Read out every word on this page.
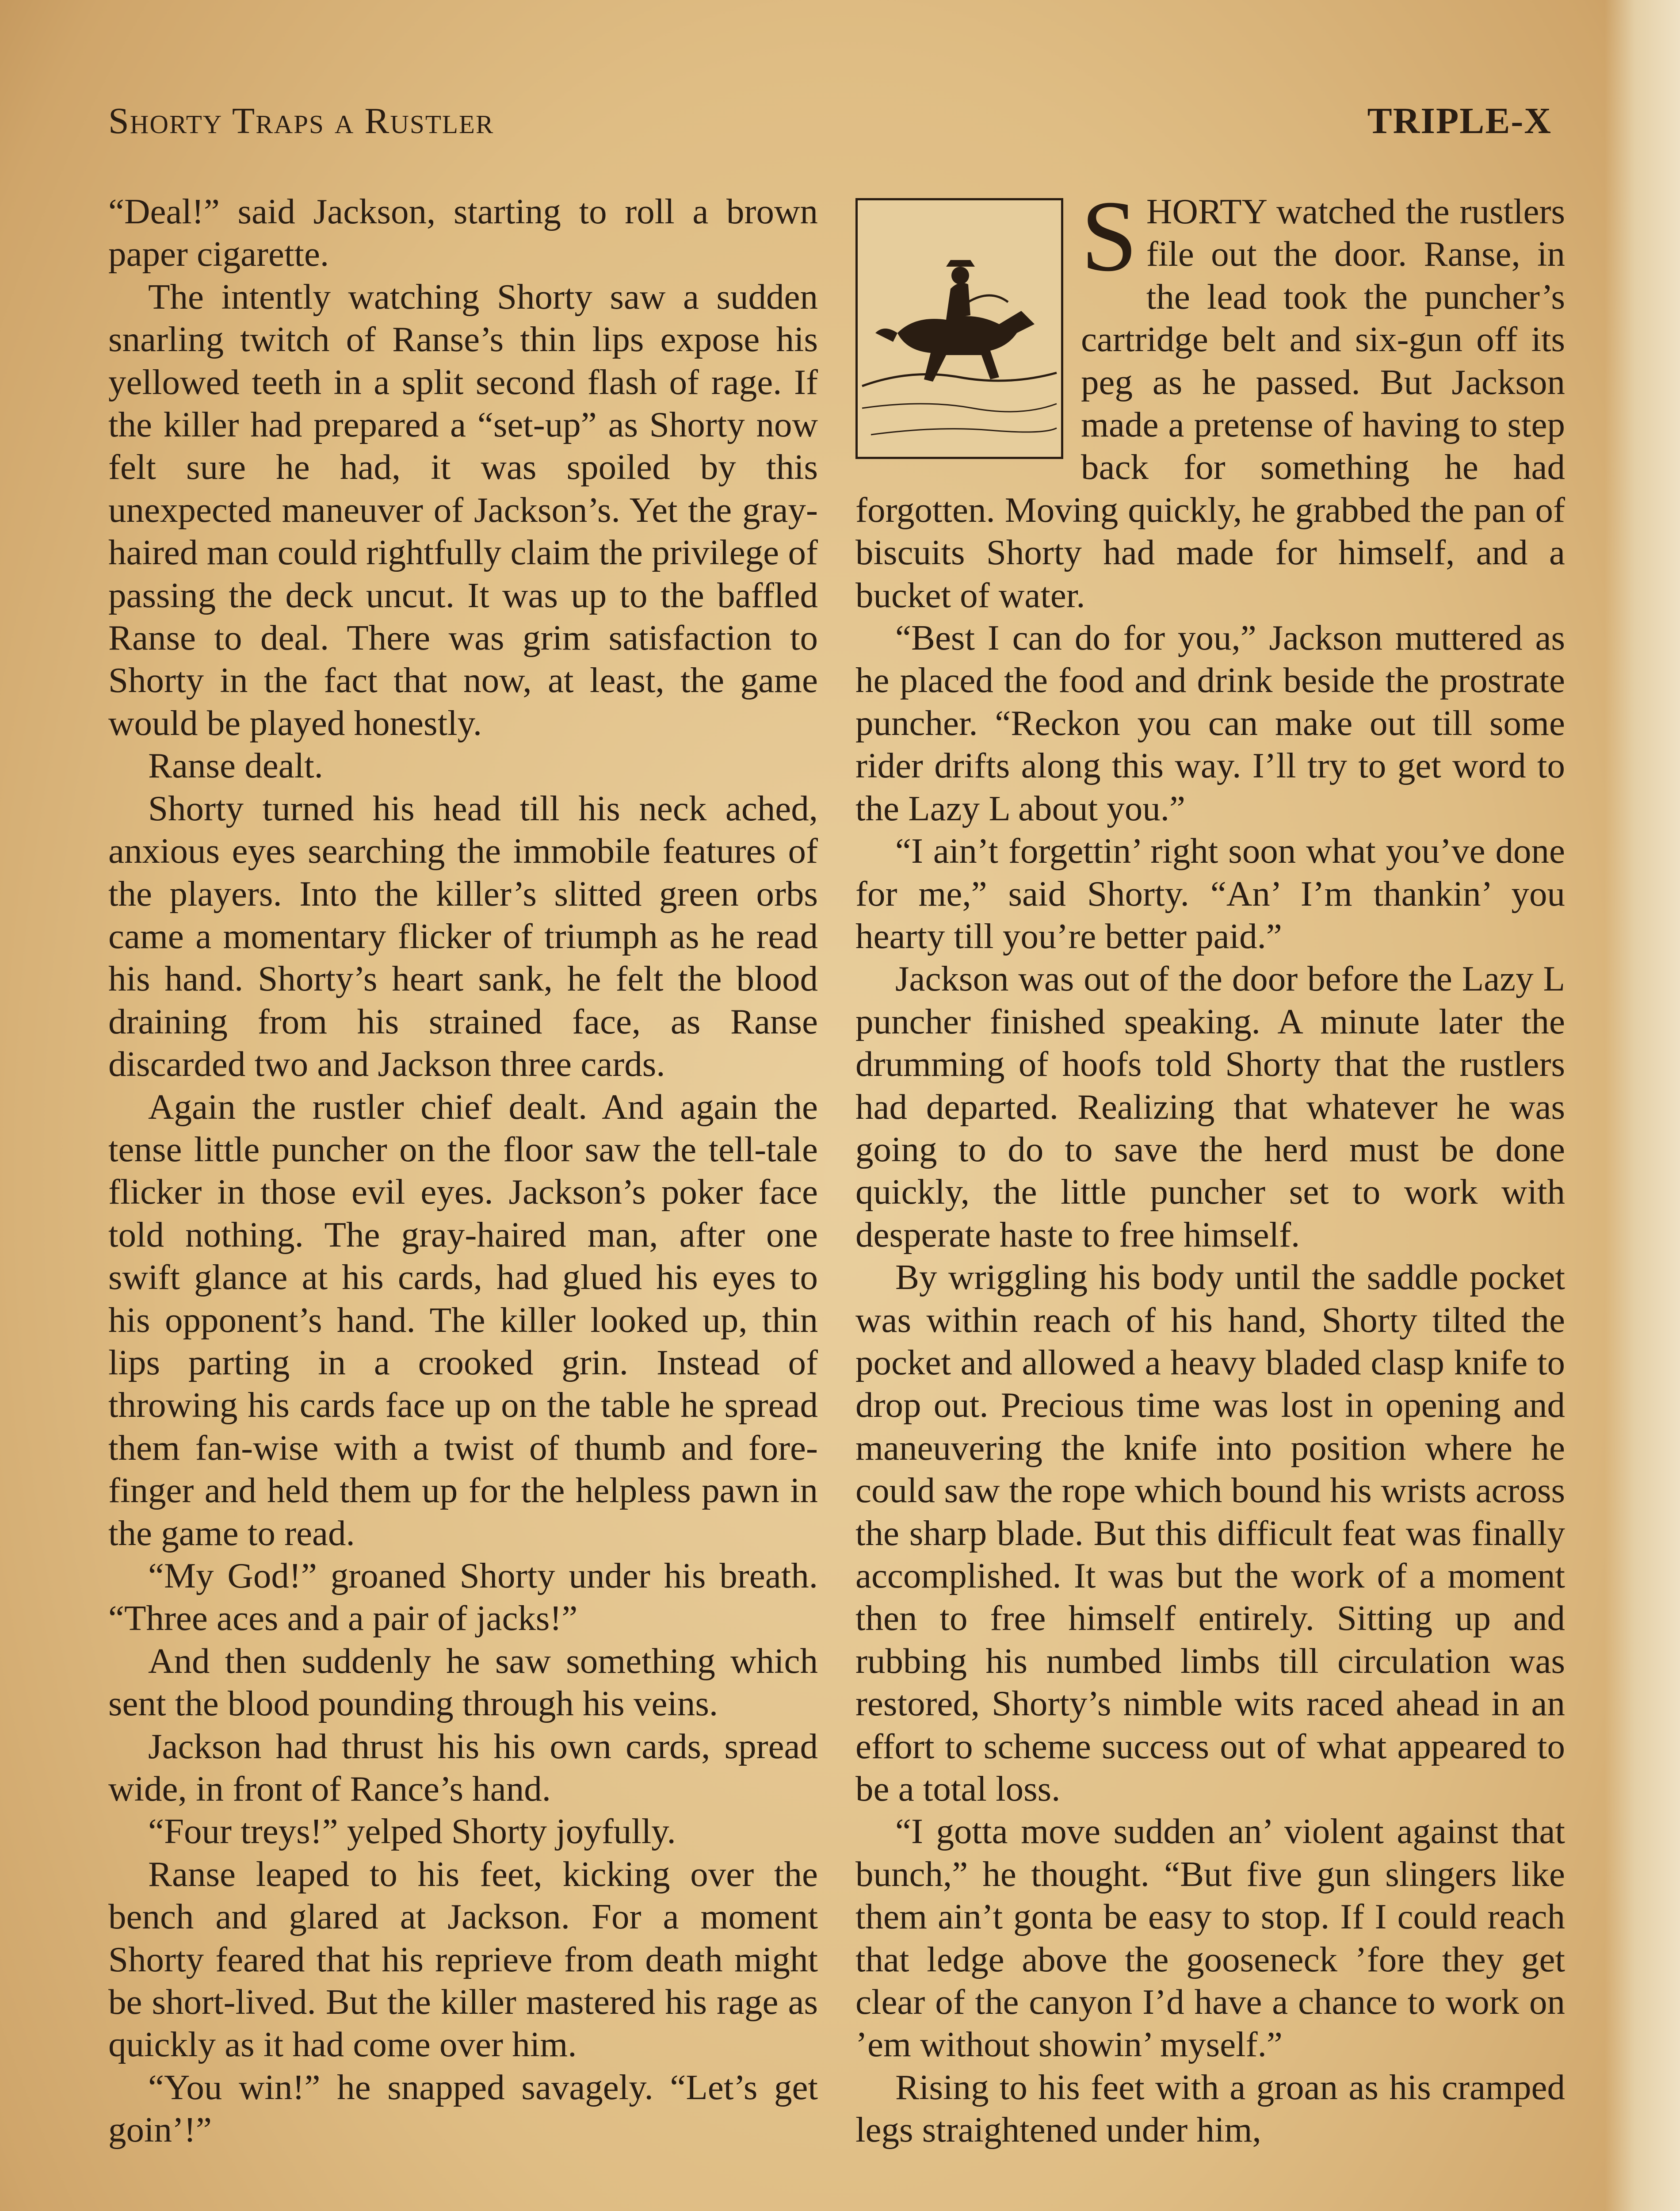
Shorty Traps a Rustler	TRIPLE-X

“Deal!” said Jackson, starting to roll a brown paper cigarette.

The intently watching Shorty saw a sudden snarling twitch of Ranse’s thin lips expose his yellowed teeth in a split second flash of rage. If the killer had prepared a “set-up” as Shorty now felt sure he had, it was spoiled by this unexpected maneuver of Jackson’s. Yet the gray-haired man could rightfully claim the privilege of passing the deck uncut. It was up to the baffled Ranse to deal. There was grim satisfaction to Shorty in the fact that now, at least, the game would be played honestly.

Ranse dealt.

Shorty turned his head till his neck ached, anxious eyes searching the immobile features of the players. Into the killer’s slitted green orbs came a momentary flicker of triumph as he read his hand. Shorty’s heart sank, he felt the blood draining from his strained face, as Ranse discarded two and Jackson three cards.

Again the rustler chief dealt. And again the tense little puncher on the floor saw the tell-tale flicker in those evil eyes. Jackson’s poker face told nothing. The gray-haired man, after one swift glance at his cards, had glued his eyes to his opponent’s hand. The killer looked up, thin lips parting in a crooked grin. Instead of throwing his cards face up on the table he spread them fan-wise with a twist of thumb and fore-finger and held them up for the helpless pawn in the game to read.

“My God!” groaned Shorty under his breath. “Three aces and a pair of jacks!”

And then suddenly he saw something which sent the blood pounding through his veins.

Jackson had thrust his his own cards, spread wide, in front of Rance’s hand.

“Four treys!” yelped Shorty joyfully.

Ranse leaped to his feet, kicking over the bench and glared at Jackson. For a moment Shorty feared that his reprieve from death might be short-lived. But the killer mastered his rage as quickly as it had come over him.

“You win!” he snapped savagely. “Let’s get goin’!”

SHORTY watched the rustlers file out the door. Ranse, in the lead took the puncher’s cartridge belt and six-gun off its peg as he passed. But Jackson made a pretense of having to step back for something he had forgotten. Moving quickly, he grabbed the pan of biscuits Shorty had made for himself, and a bucket of water.

“Best I can do for you,” Jackson muttered as he placed the food and drink beside the prostrate puncher. “Reckon you can make out till some rider drifts along this way. I’ll try to get word to the Lazy L about you.”

“I ain’t forgettin’ right soon what you’ve done for me,” said Shorty. “An’ I’m thankin’ you hearty till you’re better paid.”

Jackson was out of the door before the Lazy L puncher finished speaking. A minute later the drumming of hoofs told Shorty that the rustlers had departed. Realizing that whatever he was going to do to save the herd must be done quickly, the little puncher set to work with desperate haste to free himself.

By wriggling his body until the saddle pocket was within reach of his hand, Shorty tilted the pocket and allowed a heavy bladed clasp knife to drop out. Precious time was lost in opening and maneuvering the knife into position where he could saw the rope which bound his wrists across the sharp blade. But this difficult feat was finally accomplished. It was but the work of a moment then to free himself entirely. Sitting up and rubbing his numbed limbs till circulation was restored, Shorty’s nimble wits raced ahead in an effort to scheme success out of what appeared to be a total loss.

“I gotta move sudden an’ violent against that bunch,” he thought. “But five gun slingers like them ain’t gonta be easy to stop. If I could reach that ledge above the gooseneck ’fore they get clear of the canyon I’d have a chance to work on ’em without showin’ myself.”

Rising to his feet with a groan as his cramped legs straightened under him,
